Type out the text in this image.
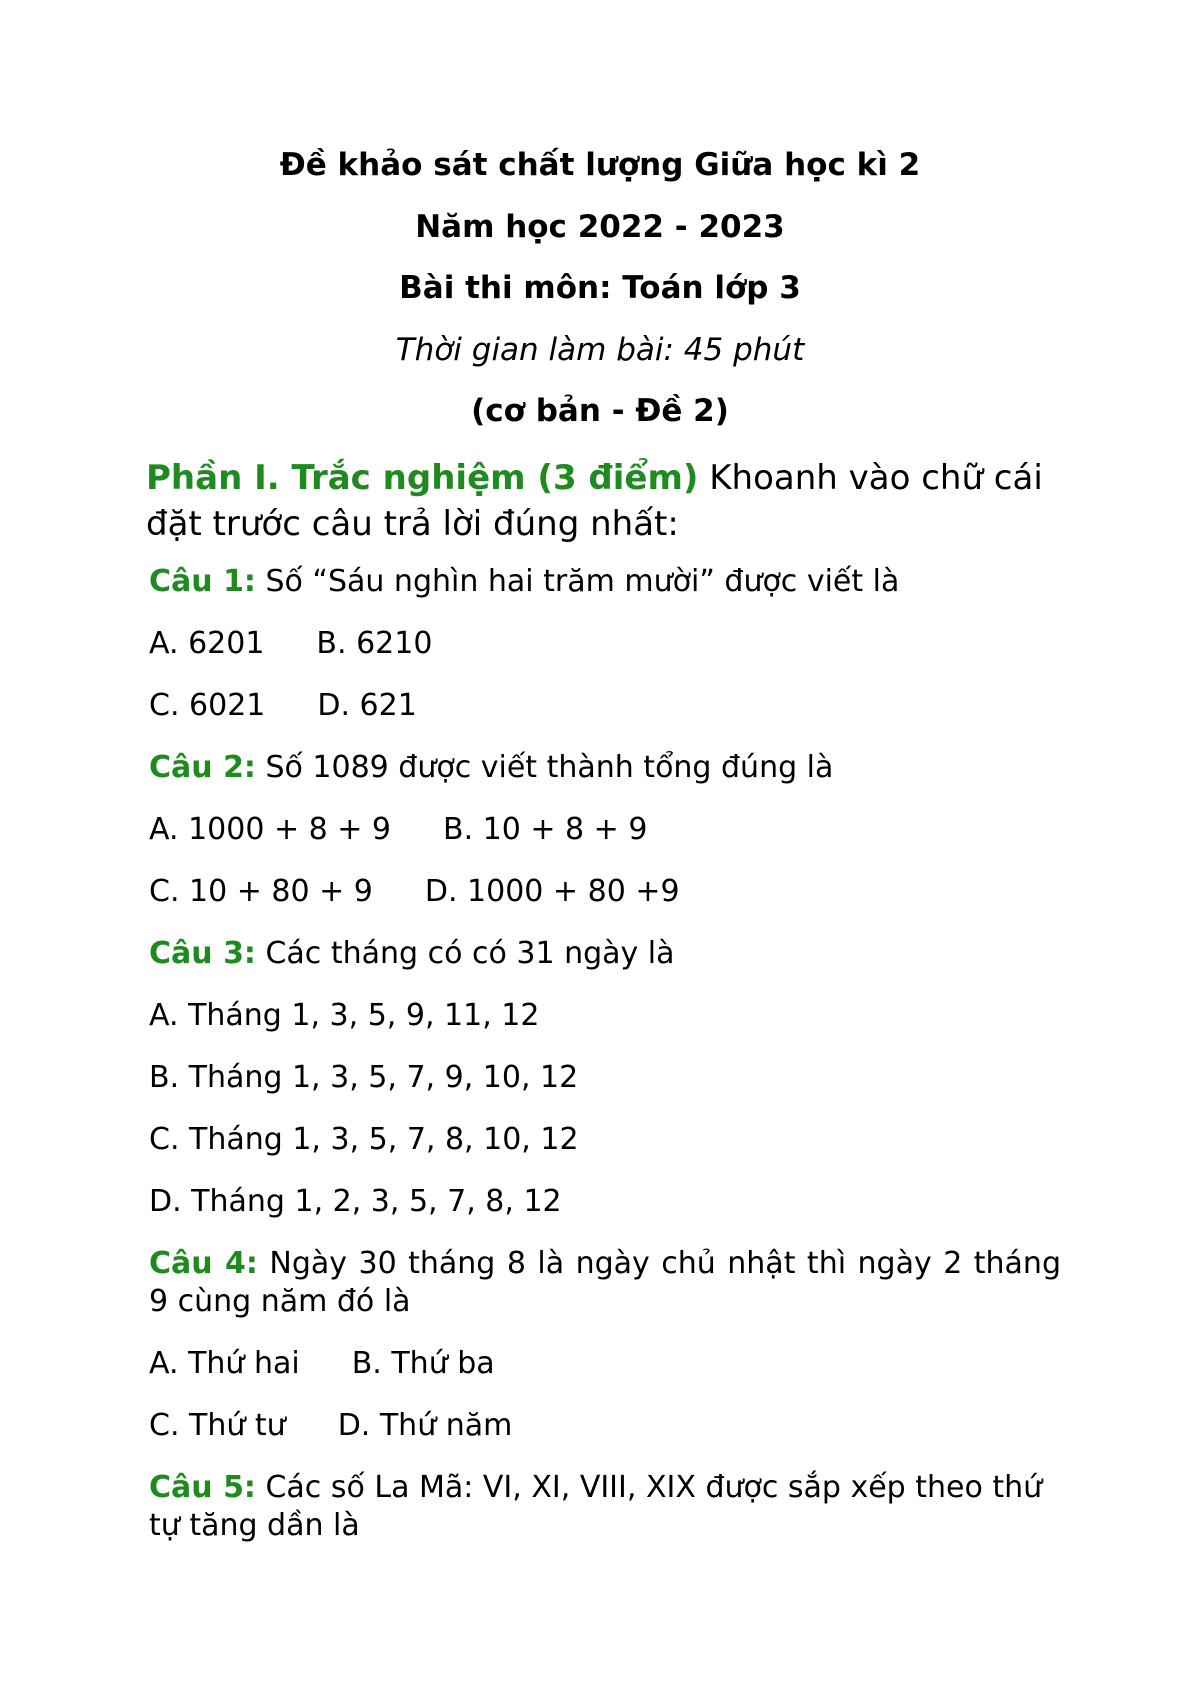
Đề khảo sát chất lượng Giữa học kì 2
Năm học 2022 - 2023
Bài thi môn: Toán lớp 3
Thời gian làm bài: 45 phút
(cơ bản - Đề 2)
Phần I. Trắc nghiệm (3 điểm) Khoanh vào chữ cái đặt trước câu trả lời đúng nhất:
Câu 1: Số “Sáu nghìn hai trăm mười” được viết là
A. 6201 B. 6210
C. 6021 D. 621
Câu 2: Số 1089 được viết thành tổng đúng là
A. 1000 + 8 + 9 B. 10 + 8 + 9
C. 10 + 80 + 9 D. 1000 + 80 +9
Câu 3: Các tháng có có 31 ngày là
A. Tháng 1, 3, 5, 9, 11, 12
B. Tháng 1, 3, 5, 7, 9, 10, 12
C. Tháng 1, 3, 5, 7, 8, 10, 12
D. Tháng 1, 2, 3, 5, 7, 8, 12
Câu 4: Ngày 30 tháng 8 là ngày chủ nhật thì ngày 2 tháng 9 cùng năm đó là
A. Thứ hai B. Thứ ba
C. Thứ tư D. Thứ năm
Câu 5: Các số La Mã: VI, XI, VIII, XIX được sắp xếp theo thứ tự tăng dần là
